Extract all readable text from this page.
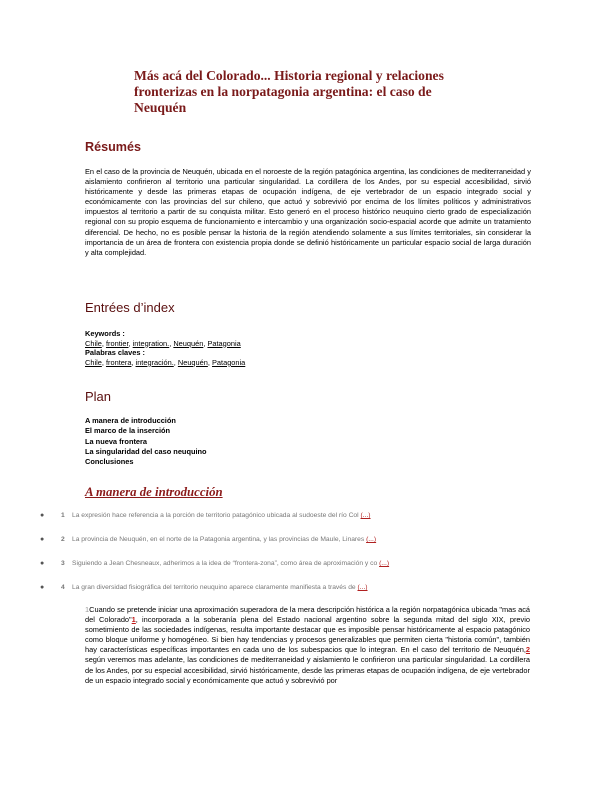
Más acá del Colorado... Historia regional y relaciones fronterizas en la norpatagonia argentina: el caso de Neuquén
Résumés

En el caso de la provincia de Neuquén, ubicada en el noroeste de la región patagónica argentina, las condiciones de mediterraneidad y aislamiento confirieron al territorio una particular singularidad. La cordillera de los Andes, por su especial accesibilidad, sirvió históricamente y desde las primeras etapas de ocupación indígena, de eje vertebrador de un espacio integrado social y económicamente con las provincias del sur chileno, que actuó y sobrevivió por encima de los límites políticos y administrativos impuestos al territorio a partir de su conquista militar. Esto generó en el proceso histórico neuquino cierto grado de especialización regional con su propio esquema de funcionamiento e intercambio y una organización socio-espacial acorde que admite un tratamiento diferencial. De hecho, no es posible pensar la historia de la región atendiendo solamente a sus límites territoriales, sin considerar la importancia de un área de frontera con existencia propia donde se definió históricamente un particular espacio social de larga duración y alta complejidad.

Entrées d’index
Keywords :
Chile, frontier, integration., Neuquén, Patagonia
Palabras claves :
Chile, frontera, integración., Neuquén, Patagonia
Plan
A manera de introducción
El marco de la inserción
La nueva frontera
La singularidad del caso neuquino
Conclusiones
A manera de introducción
●	1 La expresión hace referencia a la porción de territorio patagónico ubicada al sudoeste del río Col (...)
●	2 La provincia de Neuquén, en el norte de la Patagonia argentina, y las provincias de Maule, Linares (...)
●	3 Siguiendo a Jean Chesneaux, adherimos a la idea de “frontera-zona”, como área de aproximación y co (...)
●	4 La gran diversidad fisiográfica del territorio neuquino aparece claramente manifiesta a través de (...)

1Cuando se pretende iniciar una aproximación superadora de la mera descripción histórica a la región norpatagónica ubicada "mas acá del Colorado"1, incorporada a la soberanía plena del Estado nacional argentino sobre la segunda mitad del siglo XIX, previo sometimiento de las sociedades indígenas, resulta importante destacar que es imposible pensar históricamente al espacio patagónico como bloque uniforme y homogéneo. Si bien hay tendencias y procesos generalizables que permiten cierta "historia común", también hay características específicas importantes en cada uno de los subespacios que lo integran. En el caso del territorio de Neuquén,2 según veremos mas adelante, las condiciones de mediterraneidad y aislamiento le confirieron una particular singularidad. La cordillera de los Andes, por su especial accesibilidad, sirvió históricamente, desde las primeras etapas de ocupación indígena, de eje vertebrador de un espacio integrado social y económicamente que actuó y sobrevivió por
